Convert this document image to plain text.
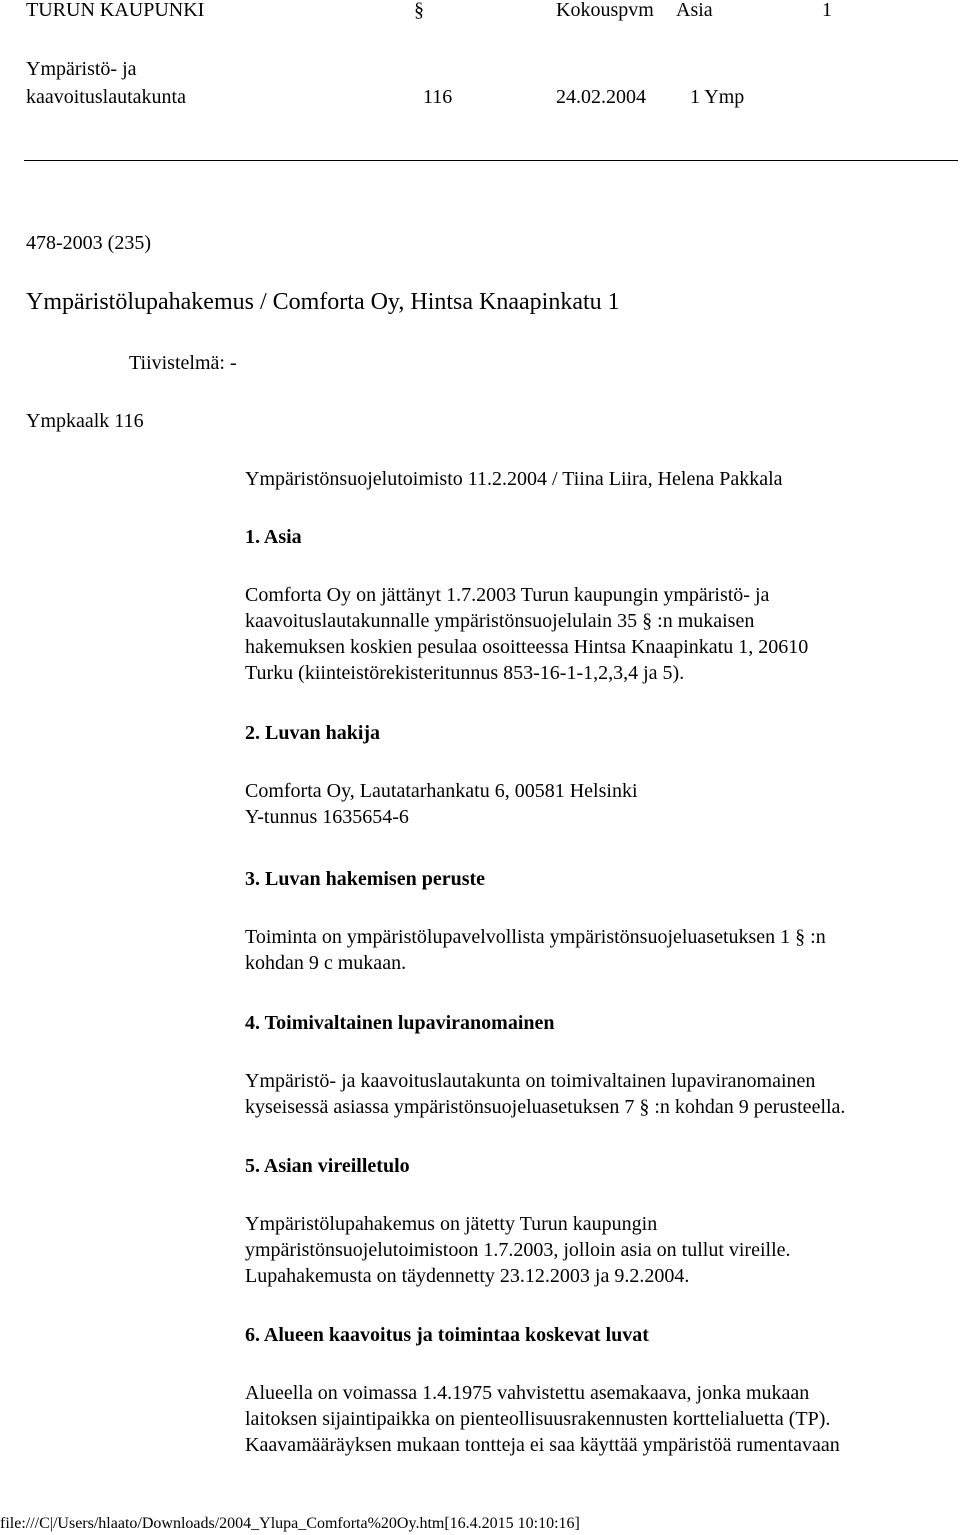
TURUN KAUPUNKI	§	Kokouspvm Asia	1
Ympäristö- ja
kaavoituslautakunta	116	24.02.2004 1 Ymp
478-2003 (235)
Ympäristölupahakemus / Comforta Oy, Hintsa Knaapinkatu 1
Tiivistelmä: -
Ympkaalk 116
Ympäristönsuojelutoimisto 11.2.2004 / Tiina Liira, Helena Pakkala
1. Asia
Comforta Oy on jättänyt 1.7.2003 Turun kaupungin ympäristö- ja
kaavoituslautakunnalle ympäristönsuojelulain 35 § :n mukaisen
hakemuksen koskien pesulaa osoitteessa Hintsa Knaapinkatu 1, 20610
Turku (kiinteistörekisteritunnus 853-16-1-1,2,3,4 ja 5).
2. Luvan hakija
Comforta Oy, Lautatarhankatu 6, 00581 Helsinki
Y-tunnus 1635654-6
3. Luvan hakemisen peruste
Toiminta on ympäristölupavelvollista ympäristönsuojeluasetuksen 1 § :n
kohdan 9 c mukaan.
4. Toimivaltainen lupaviranomainen
Ympäristö- ja kaavoituslautakunta on toimivaltainen lupaviranomainen
kyseisessä asiassa ympäristönsuojeluasetuksen 7 § :n kohdan 9 perusteella.
5. Asian vireilletulo
Ympäristölupahakemus on jätetty Turun kaupungin
ympäristönsuojelutoimistoon 1.7.2003, jolloin asia on tullut vireille.
Lupahakemusta on täydennetty 23.12.2003 ja 9.2.2004.
6. Alueen kaavoitus ja toimintaa koskevat luvat
Alueella on voimassa 1.4.1975 vahvistettu asemakaava, jonka mukaan
laitoksen sijaintipaikka on pienteollisuusrakennusten korttelialuetta (TP).
Kaavamääräyksen mukaan tontteja ei saa käyttää ympäristöä rumentavaan
file:///C|/Users/hlaato/Downloads/2004_Ylupa_Comforta%20Oy.htm[16.4.2015 10:10:16]
